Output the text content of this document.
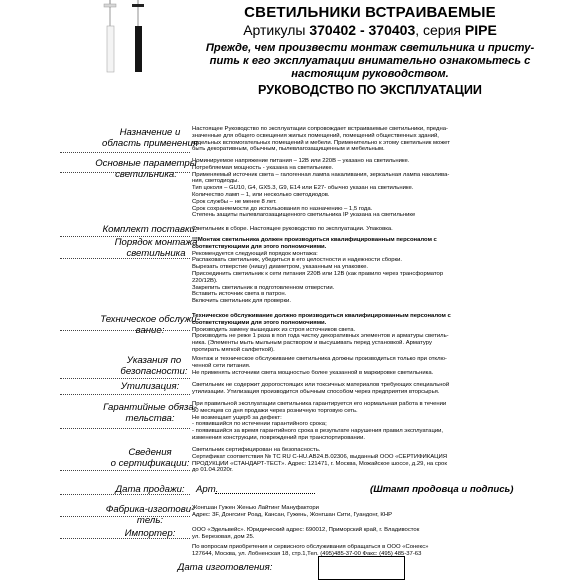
СВЕТИЛЬНИКИ ВСТРАИВАЕМЫЕ
Артикулы 370402 - 370403, серия PIPE
Прежде, чем произвести монтаж светильника и присту-
пить к его эксплуатации внимательно ознакомьтесь с
настоящим руководством.
РУКОВОДСТВО ПО ЭКСПЛУАТАЦИИ
Назначение и
область применения
Настоящее Руководство по эксплуатации сопровождает встраиваемые светильники, предна-
значенные для общего освещения жилых помещений, помещений общественных зданий,
отдельных вспомогательных помещений и мебели. Применительно к этому светильник может
быть декоративным, обычным, пылевлагозащищенным и мебельным.
Основные параметры
светильника:
Номинируемое напряжение питания – 12В или 220В – указано на светильнике.
Потребляемая мощность - указана на светильнике.
Применяемый источник света – галогенная лампа накаливания, зеркальная лампа накалива-
ния, светодиоды.
Тип цоколя – GU10, G4, GX5.3, G9, E14 или E27- обычно указан на светильнике.
Количество ламп – 1, или несколько светодиодов.
Срок службы – не менее 8 лет.
Срок сохраняемости до использования по назначению – 1,5 года.
Степень защиты пылевлагозащищенного светильника IP указана на светильнике
Комплект поставки:
Светильник в сборе. Настоящее руководство по эксплуатации. Упаковка.
Порядок монтажа
светильника
!!!Монтаж светильника должен производиться квалифицированным персоналом с
соответствующими для этого полномочиями.
Рекомендуется следующий порядок монтажа:
Распаковать светильник, убедиться в его целостности и надежности сборки.
Вырезать отверстие (нишу) диаметром, указанным на упаковке.
Присоединить светильник к сети питания 220В или 12В (как правило через трансформатор
220/12В).
Закрепить светильник в подготовленном отверстии.
Вставить источник света в патрон.
Включить светильник для проверки.
Техническое обслужи-
вание:
Техническое обслуживание должно производиться квалифицированным персоналом с
соответствующими для этого полномочиями.
Производить замену вышедших из строя источников света.
Производить не реже 1 раза в пол года чистку декоративных элементов и арматуры светиль-
ника. (Элементы мыть мыльным раствором и высушивать перед установкой. Арматуру
протирать мягкой салфеткой).
Указания по
безопасности:
Монтаж и техническое обслуживание светильника должны производиться только при отклю-
ченной сети питания.
Не применять источники света мощностью более указанной в маркировке светильника.
Утилизация:	Светильник не содержит дорогостоящих или токсичных материалов требующих специальной
утилизации. Утилизация производится обычным способом через предприятия вторсырья.
Гарантийные обяза-
тельства:
При правильной эксплуатации светильника гарантируется его нормальная работа в течении
30 месяцев со дня продажи через розничную торговую сеть.
Не возмещает ущерб за дефект:
- появившийся по истечении гарантийного срока;
- появившийся за время гарантийного срока в результате нарушения правил эксплуатации,
изменения конструкции, повреждений при транспортировании.
Сведения
о сертификации:
Светильник сертифицирован на безопасность.
Сертификат соответствия № ТС RU C-HU.AB24.В.02306, выданный ООО «СЕРТИФИКАЦИЯ
ПРОДУКЦИИ «СТАНДАРТ-ТЕСТ». Адрес: 121471, г. Москва, Можайское шоссе, д.29, на срок
до 01.04.2020г.
Дата продажи:	Арт.	(Штамп продовца и подпись)
Фабрика-изготови-
тель:
Жонгшан Гужен Женью Лайтинг Мануфактори
Адрес: 3F, Донгсинг Роад, Кансан, Гужень, Жонгшан Сити, Гуандонг, КНР
Импортер:	ООО «Эдельвейс». Юридический адрес: 690012, Приморский край, г. Владивосток
ул. Березовая, дом 25.
По вопросам приобретения и сервисного обслуживания обращаться в ООО «Сонекс»
127644, Москва, ул. Лобненская 18, стр.1,Тел. (495)485-37-00 Факс: (495) 485-37-63
Дата изготовления:
